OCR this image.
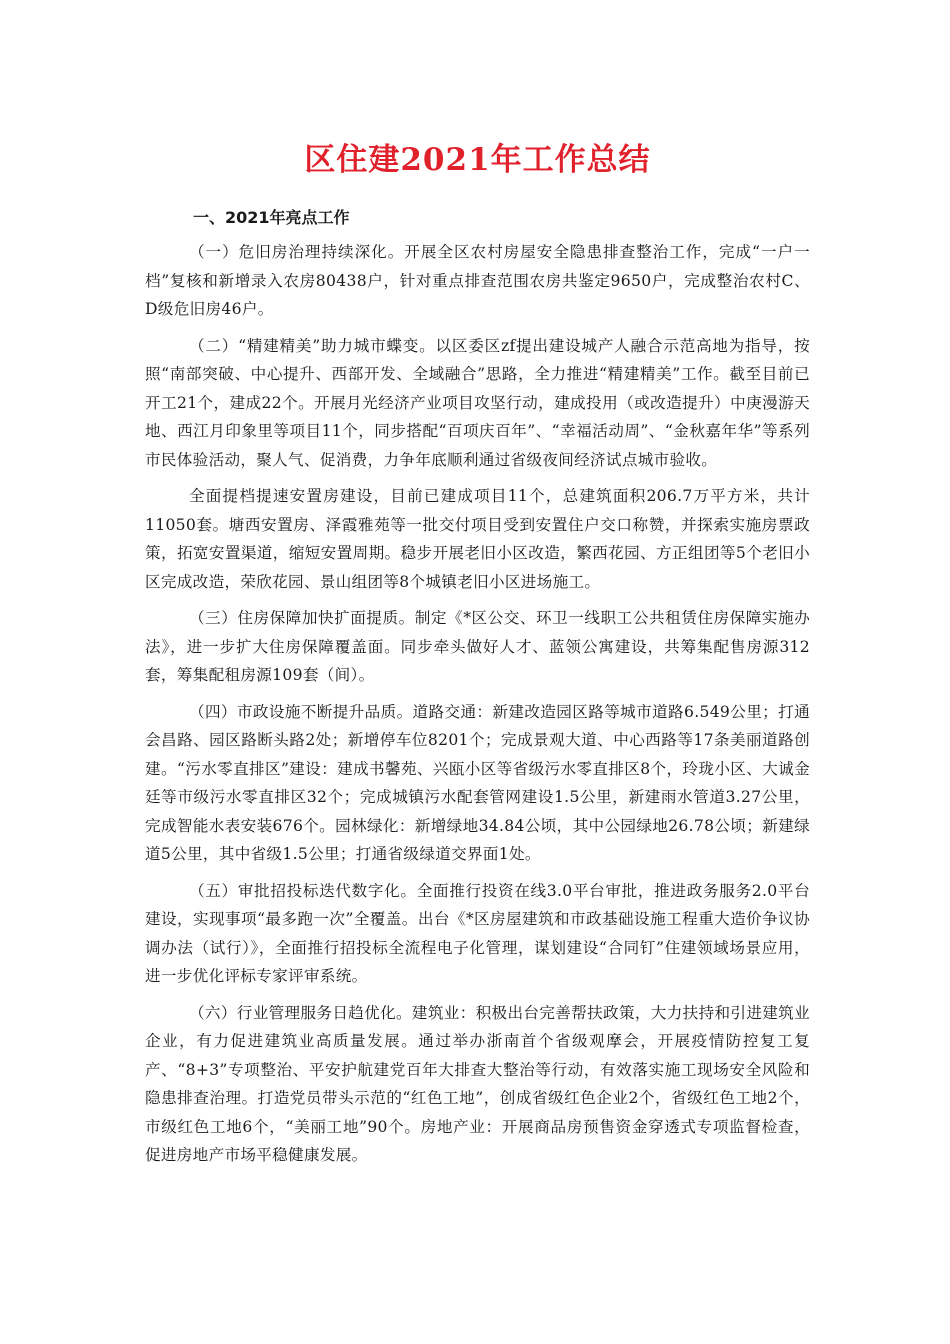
区住建2021年工作总结
一、2021年亮点工作

（一）危旧房治理持续深化。开展全区农村房屋安全隐患排查整治工作，完成“一户一档”复核和新增录入农房80438户，针对重点排查范围农房共鉴定9650户，完成整治农村C、D级危旧房46户。

（二）“精建精美”助力城市蝶变。以区委区zf提出建设城产人融合示范高地为指导，按照“南部突破、中心提升、西部开发、全域融合”思路，全力推进“精建精美”工作。截至目前已开工21个，建成22个。开展月光经济产业项目攻坚行动，建成投用（或改造提升）中庚漫游天地、西江月印象里等项目11个，同步搭配“百项庆百年”、“幸福活动周”、“金秋嘉年华”等系列市民体验活动，聚人气、促消费，力争年底顺利通过省级夜间经济试点城市验收。

全面提档提速安置房建设，目前已建成项目11个，总建筑面积206.7万平方米，共计11050套。塘西安置房、泽霞雅苑等一批交付项目受到安置住户交口称赞，并探索实施房票政策，拓宽安置渠道，缩短安置周期。稳步开展老旧小区改造，繁西花园、方正组团等5个老旧小区完成改造，荣欣花园、景山组团等8个城镇老旧小区进场施工。

（三）住房保障加快扩面提质。制定《*区公交、环卫一线职工公共租赁住房保障实施办法》，进一步扩大住房保障覆盖面。同步牵头做好人才、蓝领公寓建设，共筹集配售房源312套，筹集配租房源109套（间）。

（四）市政设施不断提升品质。道路交通：新建改造园区路等城市道路6.549公里；打通会昌路、园区路断头路2处；新增停车位8201个；完成景观大道、中心西路等17条美丽道路创建。“污水零直排区”建设：建成书馨苑、兴瓯小区等省级污水零直排区8个，玲珑小区、大诚金廷等市级污水零直排区32个；完成城镇污水配套管网建设1.5公里，新建雨水管道3.27公里，完成智能水表安装676个。园林绿化：新增绿地34.84公顷，其中公园绿地26.78公顷；新建绿道5公里，其中省级1.5公里；打通省级绿道交界面1处。

（五）审批招投标迭代数字化。全面推行投资在线3.0平台审批，推进政务服务2.0平台建设，实现事项“最多跑一次”全覆盖。出台《*区房屋建筑和市政基础设施工程重大造价争议协调办法（试行）》，全面推行招投标全流程电子化管理，谋划建设“合同钉”住建领域场景应用，进一步优化评标专家评审系统。

（六）行业管理服务日趋优化。建筑业：积极出台完善帮扶政策，大力扶持和引进建筑业企业，有力促进建筑业高质量发展。通过举办浙南首个省级观摩会，开展疫情防控复工复产、“8+3”专项整治、平安护航建党百年大排查大整治等行动，有效落实施工现场安全风险和隐患排查治理。打造党员带头示范的“红色工地”，创成省级红色企业2个，省级红色工地2个，市级红色工地6个，“美丽工地”90个。房地产业：开展商品房预售资金穿透式专项监督检查，促进房地产市场平稳健康发展。
